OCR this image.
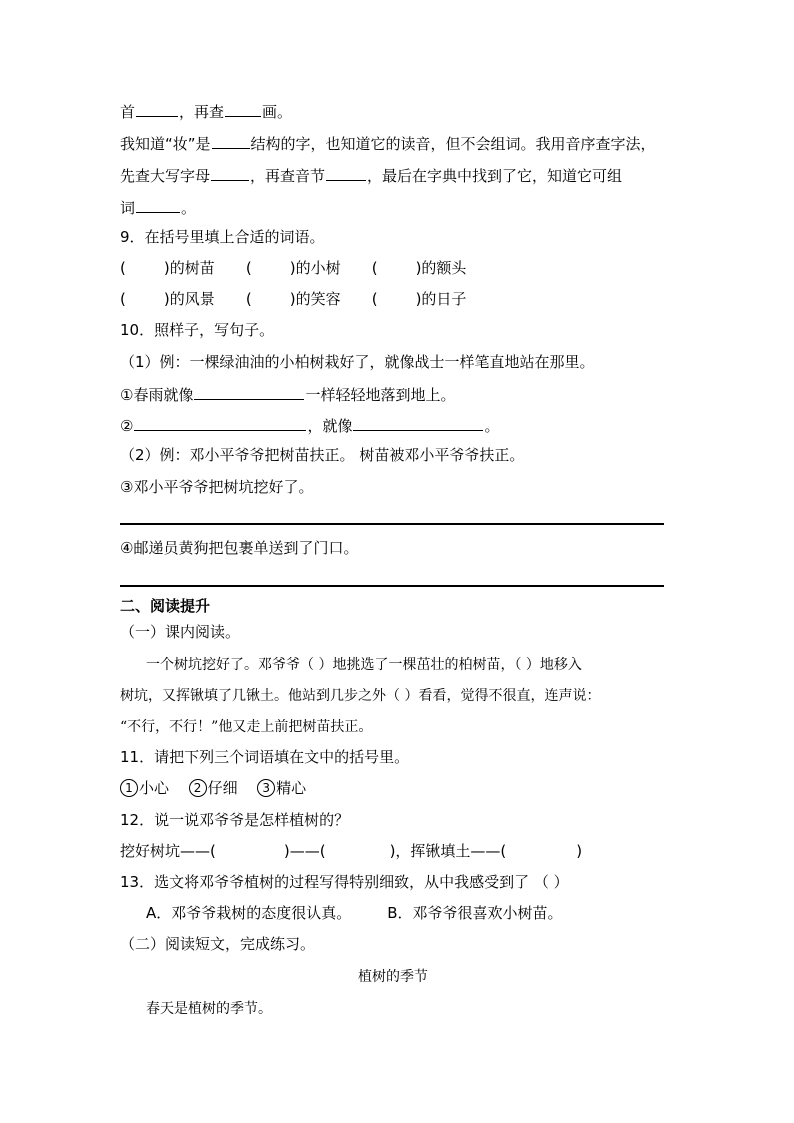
首	，再查	画。
我知道“妆”是	结构的字，也知道它的读音，但不会组词。我用音序查字法，
先查大写字母	，再查音节	，最后在字典中找到了它，知道它可组
词	。
9．在括号里填上合适的词语。
(	)的树苗 (	)的小树 (	)的额头
(	)的风景 (	)的笑容 (	)的日子
10．照样子，写句子。
（1）例：一棵绿油油的小柏树栽好了，就像战士一样笔直地站在那里。
①春雨就像	一样轻轻地落到地上。
②	，就像	。
（2）例：邓小平爷爷把树苗扶正。 树苗被邓小平爷爷扶正。
③邓小平爷爷把树坑挖好了。
④邮递员黄狗把包裹单送到了门口。
二、阅读提升
（一）课内阅读。
一个树坑挖好了。邓爷爷（ ）地挑选了一棵茁壮的柏树苗，（ ）地移入
树坑，又挥锹填了几锹土。他站到几步之外（ ）看看，觉得不很直，连声说：
“不行，不行！”他又走上前把树苗扶正。
11．请把下列三个词语填在文中的括号里。
1 小心 2 仔细 3 精心
12．说一说邓爷爷是怎样植树的？
挖好树坑——(	)——(	)，挥锹填土——(	)
13．选文将邓爷爷植树的过程写得特别细致，从中我感受到了 （ ）
A．邓爷爷栽树的态度很认真。 B．邓爷爷很喜欢小树苗。
（二）阅读短文，完成练习。
植树的季节
春天是植树的季节。
